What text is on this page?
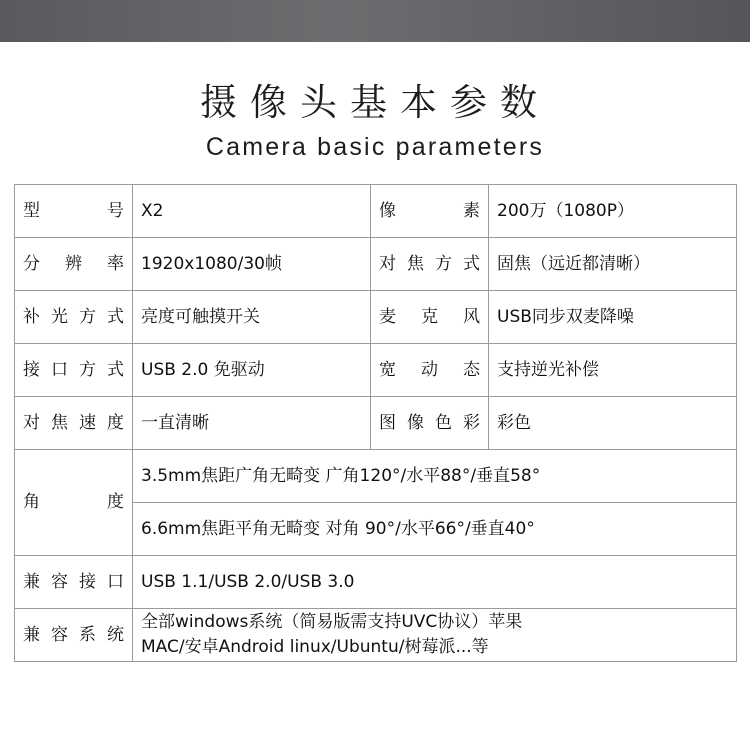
摄像头基本参数
Camera basic parameters
型号	X2	像素	200万（1080P）
分辨率	1920x1080/30帧	对焦方式	固焦（远近都清晰）
补光方式	亮度可触摸开关	麦克风	USB同步双麦降噪
接口方式	USB 2.0 免驱动	宽动态	支持逆光补偿
对焦速度	一直清晰	图像色彩	彩色
角度	3.5mm焦距广角无畸变 广角120°/水平88°/垂直58°		
	6.6mm焦距平角无畸变 对角 90°/水平66°/垂直40°		
兼容接口	USB 1.1/USB 2.0/USB 3.0		
兼容系统	全部windows系统（简易版需支持UVC协议）苹果
MAC/安卓Android linux/Ubuntu/树莓派...等		
